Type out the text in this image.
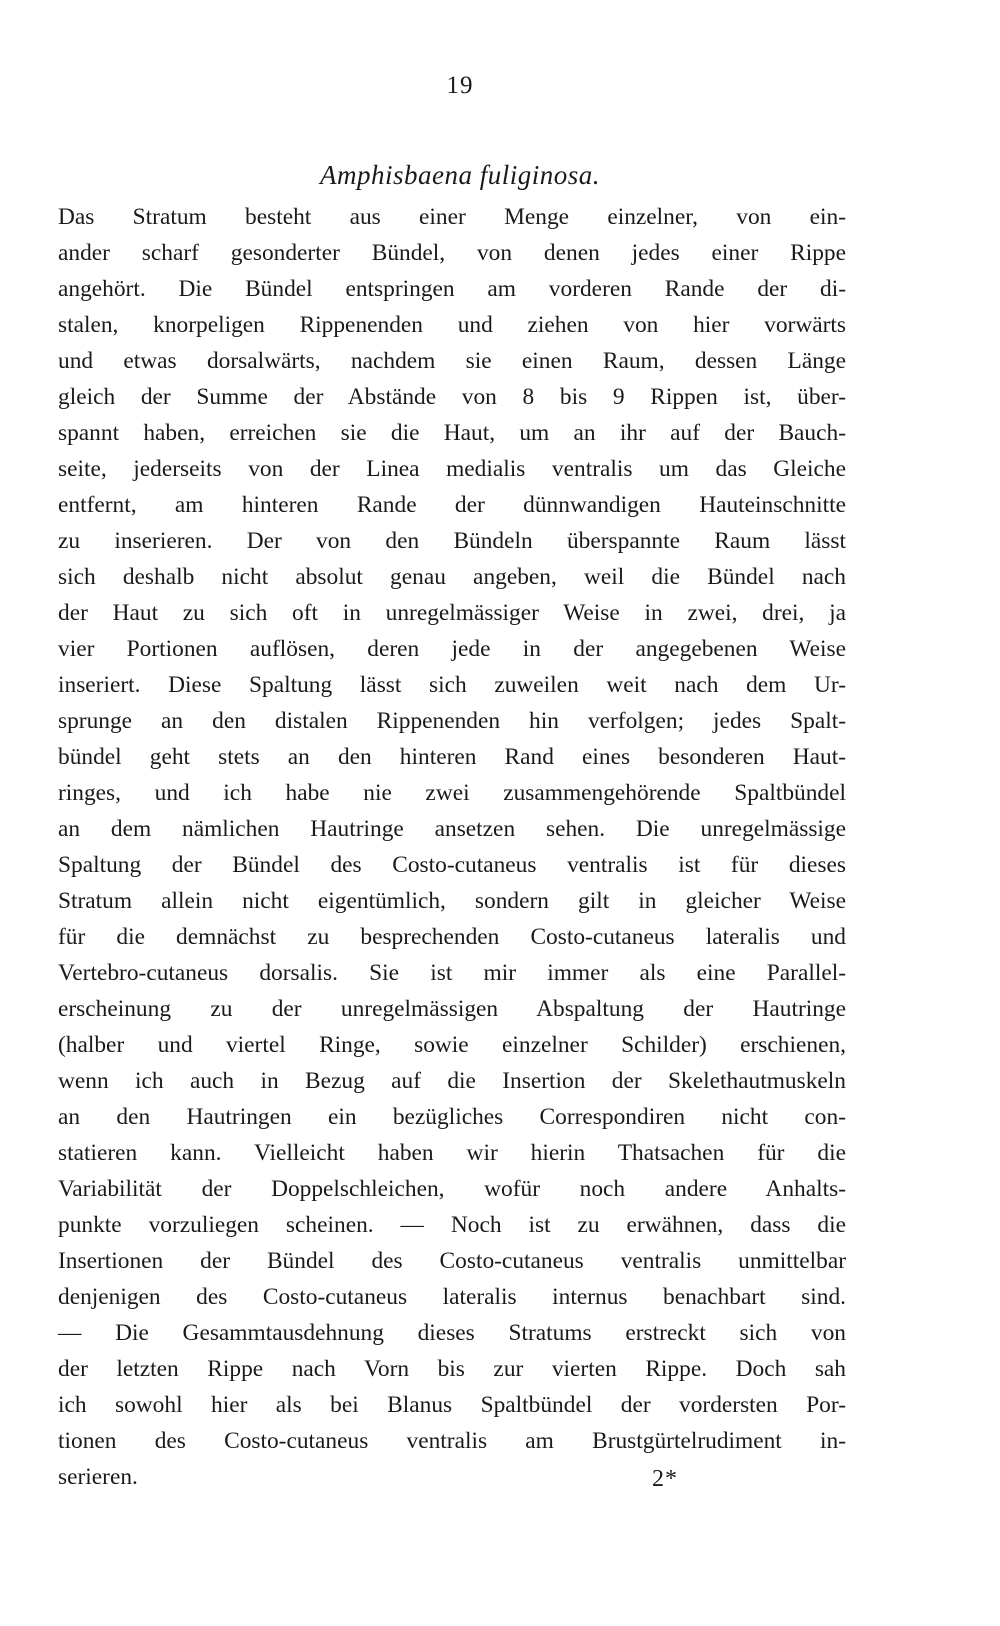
19
Amphisbaena fuliginosa.
Das Stratum besteht aus einer Menge einzelner, von ein-
ander scharf gesonderter Bündel, von denen jedes einer Rippe
angehört. Die Bündel entspringen am vorderen Rande der di-
stalen, knorpeligen Rippenenden und ziehen von hier vorwärts
und etwas dorsalwärts, nachdem sie einen Raum, dessen Länge
gleich der Summe der Abstände von 8 bis 9 Rippen ist, über-
spannt haben, erreichen sie die Haut, um an ihr auf der Bauch-
seite, jederseits von der Linea medialis ventralis um das Gleiche
entfernt, am hinteren Rande der dünnwandigen Hauteinschnitte
zu inserieren. Der von den Bündeln überspannte Raum lässt
sich deshalb nicht absolut genau angeben, weil die Bündel nach
der Haut zu sich oft in unregelmässiger Weise in zwei, drei, ja
vier Portionen auflösen, deren jede in der angegebenen Weise
inseriert. Diese Spaltung lässt sich zuweilen weit nach dem Ur-
sprunge an den distalen Rippenenden hin verfolgen; jedes Spalt-
bündel geht stets an den hinteren Rand eines besonderen Haut-
ringes, und ich habe nie zwei zusammengehörende Spaltbündel
an dem nämlichen Hautringe ansetzen sehen. Die unregelmässige
Spaltung der Bündel des Costo-cutaneus ventralis ist für dieses
Stratum allein nicht eigentümlich, sondern gilt in gleicher Weise
für die demnächst zu besprechenden Costo-cutaneus lateralis und
Vertebro-cutaneus dorsalis. Sie ist mir immer als eine Parallel-
erscheinung zu der unregelmässigen Abspaltung der Hautringe
(halber und viertel Ringe, sowie einzelner Schilder) erschienen,
wenn ich auch in Bezug auf die Insertion der Skelethautmuskeln
an den Hautringen ein bezügliches Correspondiren nicht con-
statieren kann. Vielleicht haben wir hierin Thatsachen für die
Variabilität der Doppelschleichen, wofür noch andere Anhalts-
punkte vorzuliegen scheinen. — Noch ist zu erwähnen, dass die
Insertionen der Bündel des Costo-cutaneus ventralis unmittelbar
denjenigen des Costo-cutaneus lateralis internus benachbart sind.
— Die Gesammtausdehnung dieses Stratums erstreckt sich von
der letzten Rippe nach Vorn bis zur vierten Rippe. Doch sah
ich sowohl hier als bei Blanus Spaltbündel der vordersten Por-
tionen des Costo-cutaneus ventralis am Brustgürtelrudiment in-
serieren.	2*
